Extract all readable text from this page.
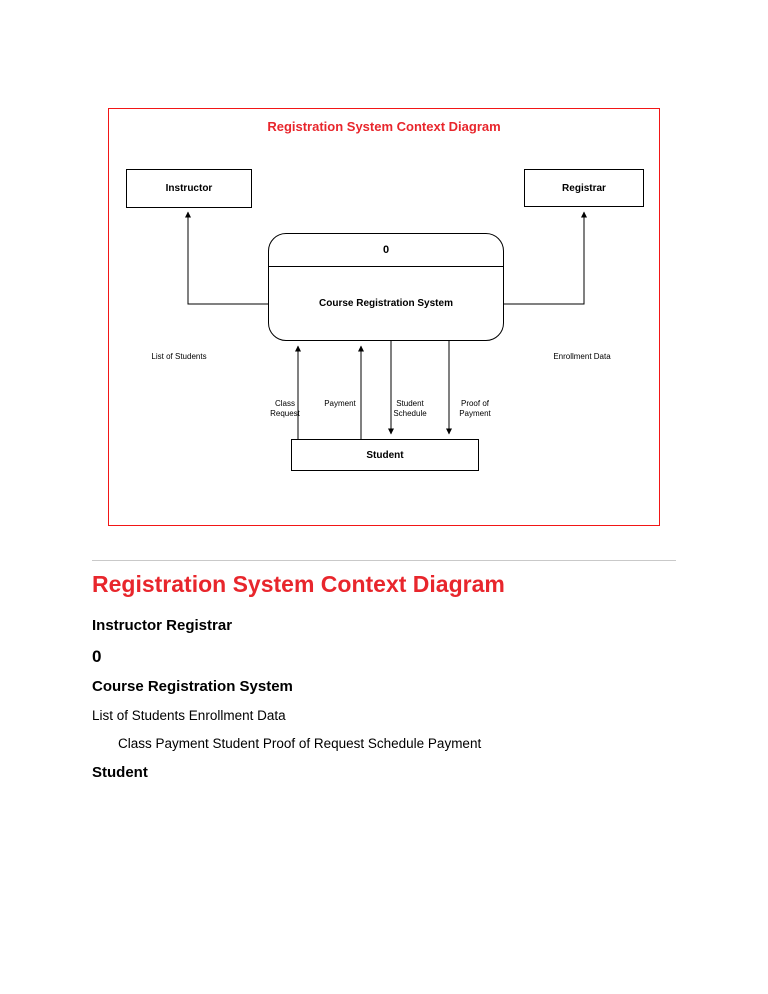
Registration System Context Diagram
Instructor	Registrar
0
Course Registration System
Student
List of Students	Enrollment Data
Class Request
Payment	Student Schedule
Proof of Payment
Registration System Context Diagram

Instructor Registrar

0

Course Registration System

List of Students Enrollment Data

Class Payment Student Proof of Request Schedule Payment

Student
